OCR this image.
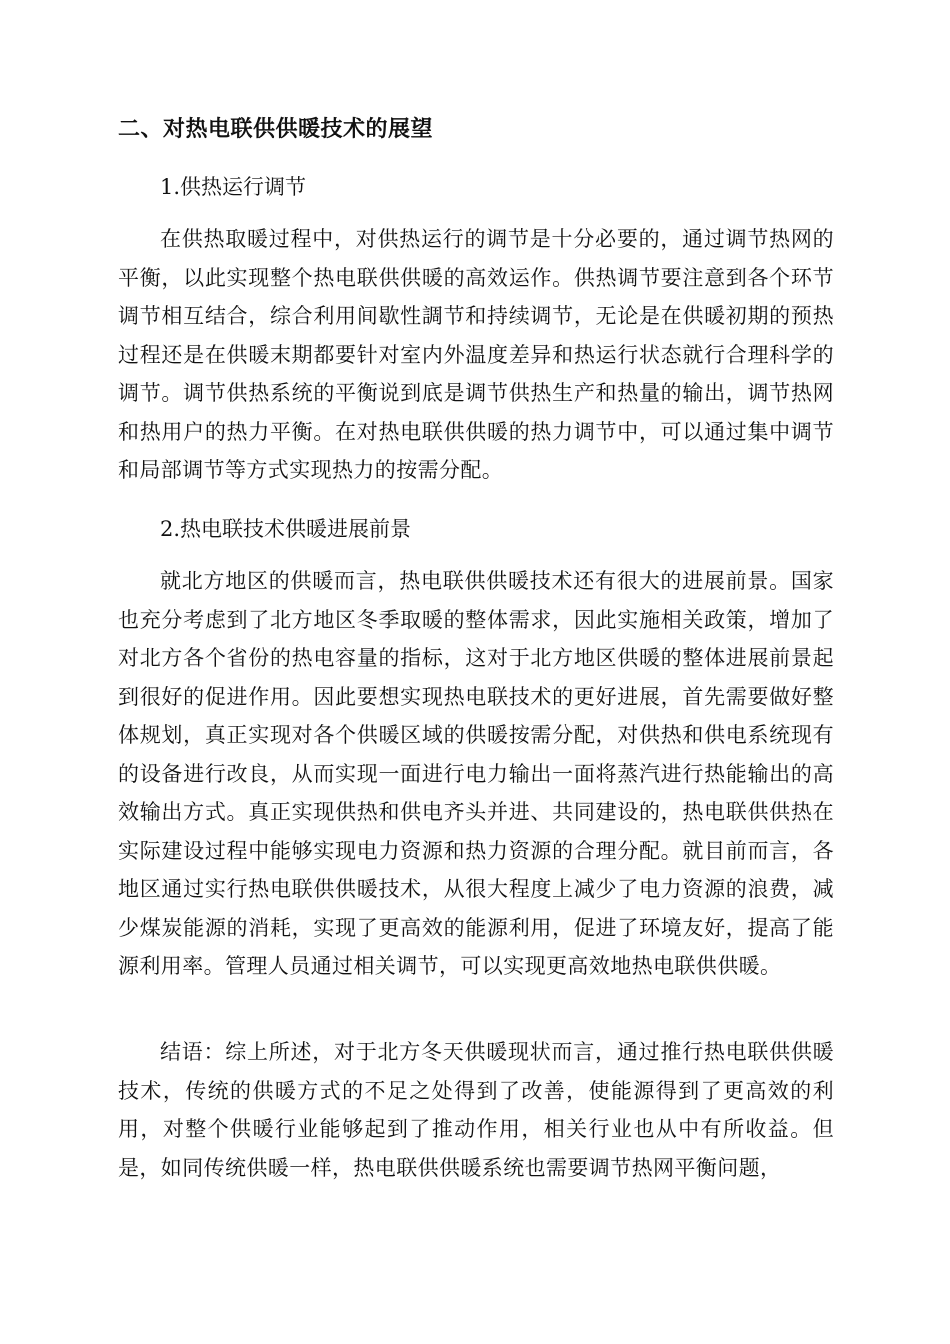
二、对热电联供供暖技术的展望
1.供热运行调节
在供热取暖过程中，对供热运行的调节是十分必要的，通过调节热网的平衡，以此实现整个热电联供供暖的高效运作。供热调节要注意到各个环节调节相互结合，综合利用间歇性調节和持续调节，无论是在供暖初期的预热过程还是在供暖末期都要针对室内外温度差异和热运行状态就行合理科学的调节。调节供热系统的平衡说到底是调节供热生产和热量的输出，调节热网和热用户的热力平衡。在对热电联供供暖的热力调节中，可以通过集中调节和局部调节等方式实现热力的按需分配。
2.热电联技术供暖进展前景
就北方地区的供暖而言，热电联供供暖技术还有很大的进展前景。国家也充分考虑到了北方地区冬季取暖的整体需求，因此实施相关政策，增加了对北方各个省份的热电容量的指标，这对于北方地区供暖的整体进展前景起到很好的促进作用。因此要想实现热电联技术的更好进展，首先需要做好整体规划，真正实现对各个供暖区域的供暖按需分配，对供热和供电系统现有的设备进行改良，从而实现一面进行电力输出一面将蒸汽进行热能输出的高效输出方式。真正实现供热和供电齐头并进、共同建设的，热电联供供热在实际建设过程中能够实现电力资源和热力资源的合理分配。就目前而言，各地区通过实行热电联供供暖技术，从很大程度上减少了电力资源的浪费，减少煤炭能源的消耗，实现了更高效的能源利用，促进了环境友好，提高了能源利用率。管理人员通过相关调节，可以实现更高效地热电联供供暖。
结语：综上所述，对于北方冬天供暖现状而言，通过推行热电联供供暖技术，传统的供暖方式的不足之处得到了改善，使能源得到了更高效的利用，对整个供暖行业能够起到了推动作用，相关行业也从中有所收益。但是，如同传统供暖一样，热电联供供暖系统也需要调节热网平衡问题，
